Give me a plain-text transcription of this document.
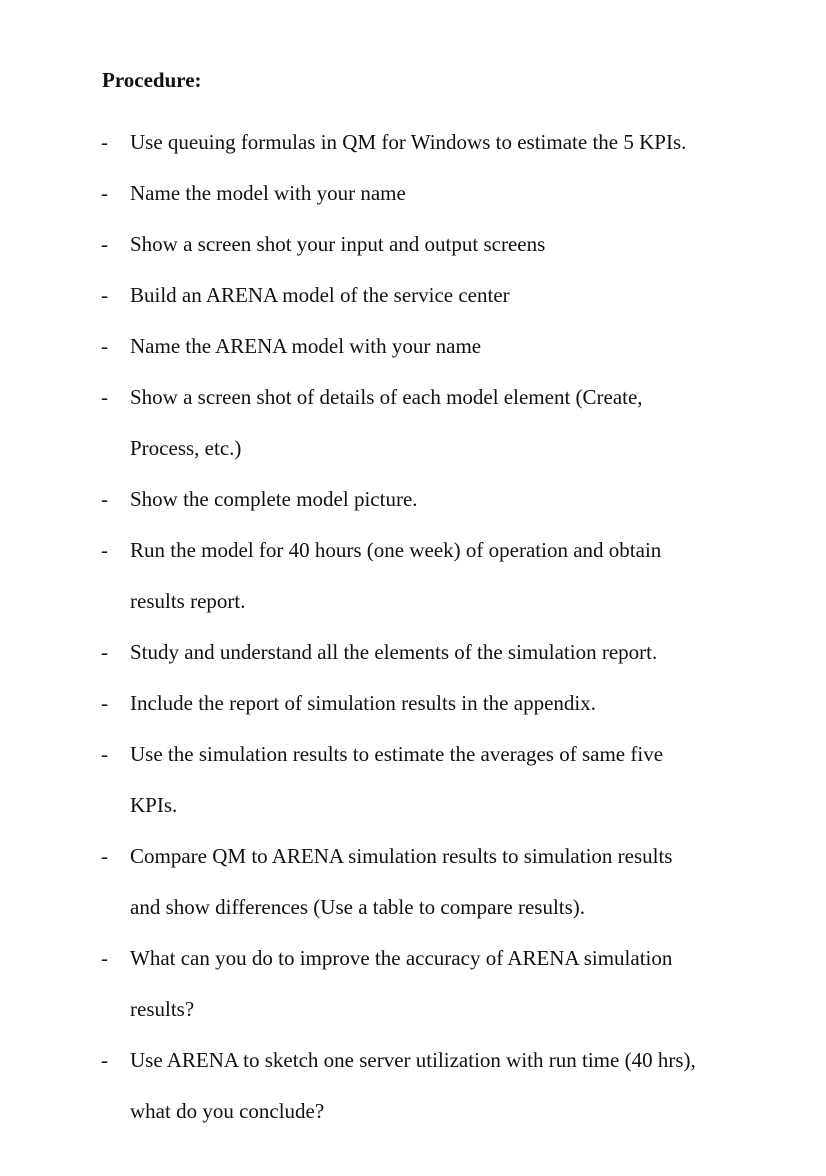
Procedure:
- Use queuing formulas in QM for Windows to estimate the 5 KPIs.
- Name the model with your name
- Show a screen shot your input and output screens
- Build an ARENA model of the service center
- Name the ARENA model with your name
- Show a screen shot of details of each model element (Create,
Process, etc.)
- Show the complete model picture.
- Run the model for 40 hours (one week) of operation and obtain
results report.
- Study and understand all the elements of the simulation report.
- Include the report of simulation results in the appendix.
- Use the simulation results to estimate the averages of same five
KPIs.
- Compare QM to ARENA simulation results to simulation results
and show differences (Use a table to compare results).
- What can you do to improve the accuracy of ARENA simulation
results?
- Use ARENA to sketch one server utilization with run time (40 hrs),
what do you conclude?
